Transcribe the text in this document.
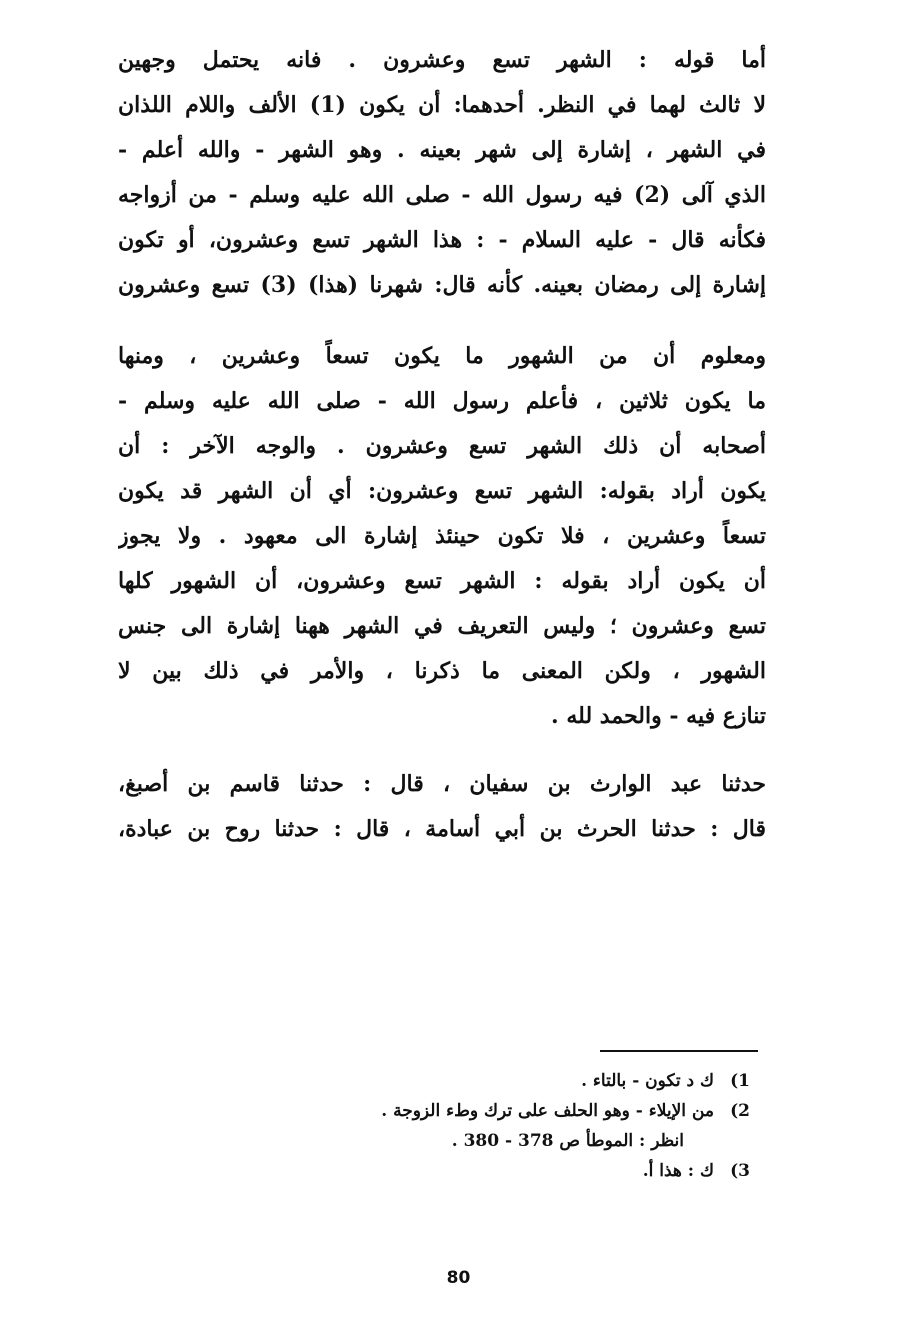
أما قوله : الشهر تسع وعشرون . فانه يحتمل وجهين
لا ثالث لهما في النظر. أحدهما: أن يكون (1) الألف واللام اللذان
في الشهر ، إشارة إلى شهر بعينه . وهو الشهر - والله أعلم -
الذي آلى (2) فيه رسول الله - صلى الله عليه وسلم - من أزواجه
فكأنه قال - عليه السلام - : هذا الشهر تسع وعشرون، أو تكون
إشارة إلى رمضان بعينه. كأنه قال: شهرنا (هذا) (3) تسع وعشرون
ومعلوم أن من الشهور ما يكون تسعاً وعشرين ، ومنها
ما يكون ثلاثين ، فأعلم رسول الله - صلى الله عليه وسلم -
أصحابه أن ذلك الشهر تسع وعشرون . والوجه الآخر : أن
يكون أراد بقوله: الشهر تسع وعشرون: أي أن الشهر قد يكون
تسعاً وعشرين ، فلا تكون حينئذ إشارة الى معهود . ولا يجوز
أن يكون أراد بقوله : الشهر تسع وعشرون، أن الشهور كلها
تسع وعشرون ؛ وليس التعريف في الشهر ههنا إشارة الى جنس
الشهور ، ولكن المعنى ما ذكرنا ، والأمر في ذلك بين لا
تنازع فيه - والحمد لله .
حدثنا عبد الوارث بن سفيان ، قال : حدثنا قاسم بن أصبغ،
قال : حدثنا الحرث بن أبي أسامة ، قال : حدثنا روح بن عبادة،
1)
ك د تكون - بالتاء .
2)
من الإيلاء - وهو الحلف على ترك وطء الزوجة .
انظر : الموطأ ص 378 - 380 .
3)
ك : هذا أ.
80
